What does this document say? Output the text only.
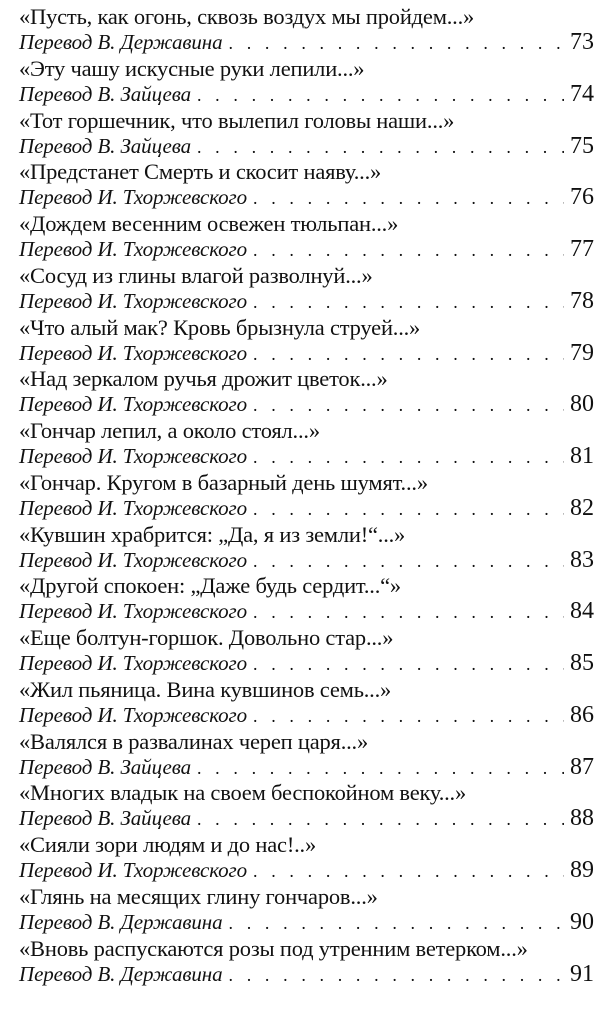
«Пусть, как огонь, сквозь воздух мы пройдем...»
Перевод В. Державина . . .	73
«Эту чашу искусные руки лепили...»
Перевод В. Зайцева . . .	74
«Тот горшечник, что вылепил головы наши...»
Перевод В. Зайцева . . .	75
«Предстанет Смерть и скосит наяву...»
Перевод И. Тхоржевского . . .	76
«Дождем весенним освежен тюльпан...»
Перевод И. Тхоржевского . . .	77
«Сосуд из глины влагой разволнуй...»
Перевод И. Тхоржевского . . .	78
«Что алый мак? Кровь брызнула струей...»
Перевод И. Тхоржевского . . .	79
«Над зеркалом ручья дрожит цветок...»
Перевод И. Тхоржевского . . .	80
«Гончар лепил, а около стоял...»
Перевод И. Тхоржевского . . .	81
«Гончар. Кругом в базарный день шумят...»
Перевод И. Тхоржевского . . .	82
«Кувшин храбрится: „Да, я из земли!“...»
Перевод И. Тхоржевского . . .	83
«Другой спокоен: „Даже будь сердит...“»
Перевод И. Тхоржевского . . .	84
«Еще болтун-горшок. Довольно стар...»
Перевод И. Тхоржевского . . .	85
«Жил пьяница. Вина кувшинов семь...»
Перевод И. Тхоржевского . . .	86
«Валялся в развалинах череп царя...»
Перевод В. Зайцева . . .	87
«Многих владык на своем беспокойном веку...»
Перевод В. Зайцева . . .	88
«Сияли зори людям и до нас!..»
Перевод И. Тхоржевского . . .	89
«Глянь на месящих глину гончаров...»
Перевод В. Державина . . .	90
«Вновь распускаются розы под утренним ветерком...»
Перевод В. Державина . . .	91
